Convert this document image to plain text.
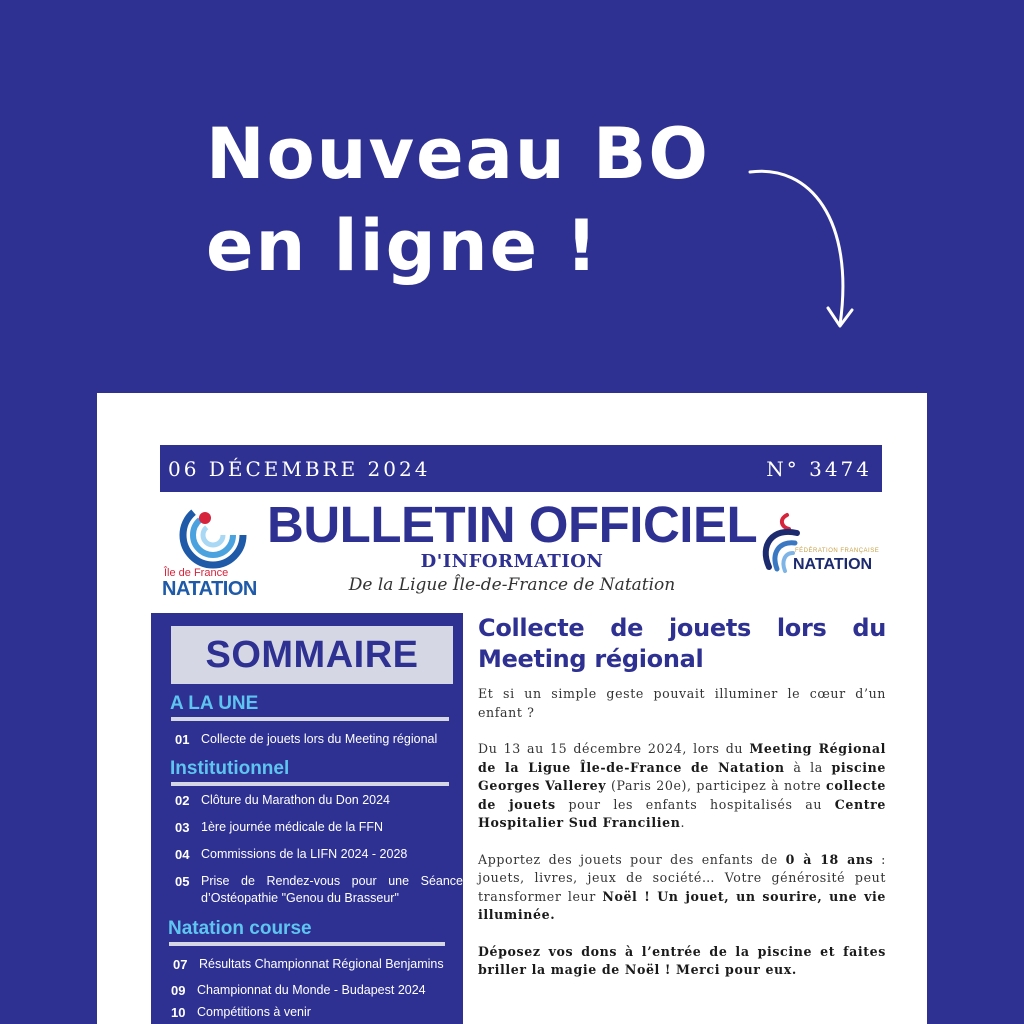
Nouveau BO
en ligne !
06 DÉCEMBRE 2024	N° 3474
Île de France
NATATION
BULLETIN OFFICIEL
D'INFORMATION
De la Ligue Île-de-France de Natation
FÉDÉRATION FRANÇAISE
NATATION
SOMMAIRE
A LA UNE
01 Collecte de jouets lors du Meeting régional
Institutionnel
02 Clôture du Marathon du Don 2024
03 1ère journée médicale de la FFN
04 Commissions de la LIFN 2024 - 2028
05 Prise de Rendez-vous pour une Séance d’Ostéopathie "Genou du Brasseur"
Natation course
07 Résultats Championnat Régional Benjamins
09 Championnat du Monde - Budapest 2024
10 Compétitions à venir
Collecte de jouets lors du Meeting régional

Et si un simple geste pouvait illuminer le cœur d’un enfant ?

Du 13 au 15 décembre 2024, lors du Meeting Régional de la Ligue Île-de-France de Natation à la piscine Georges Vallerey (Paris 20e), participez à notre collecte de jouets pour les enfants hospitalisés au Centre Hospitalier Sud Francilien.

Apportez des jouets pour des enfants de 0 à 18 ans : jouets, livres, jeux de société… Votre générosité peut transformer leur Noël ! Un jouet, un sourire, une vie illuminée.

Déposez vos dons à l’entrée de la piscine et faites briller la magie de Noël ! Merci pour eux.
